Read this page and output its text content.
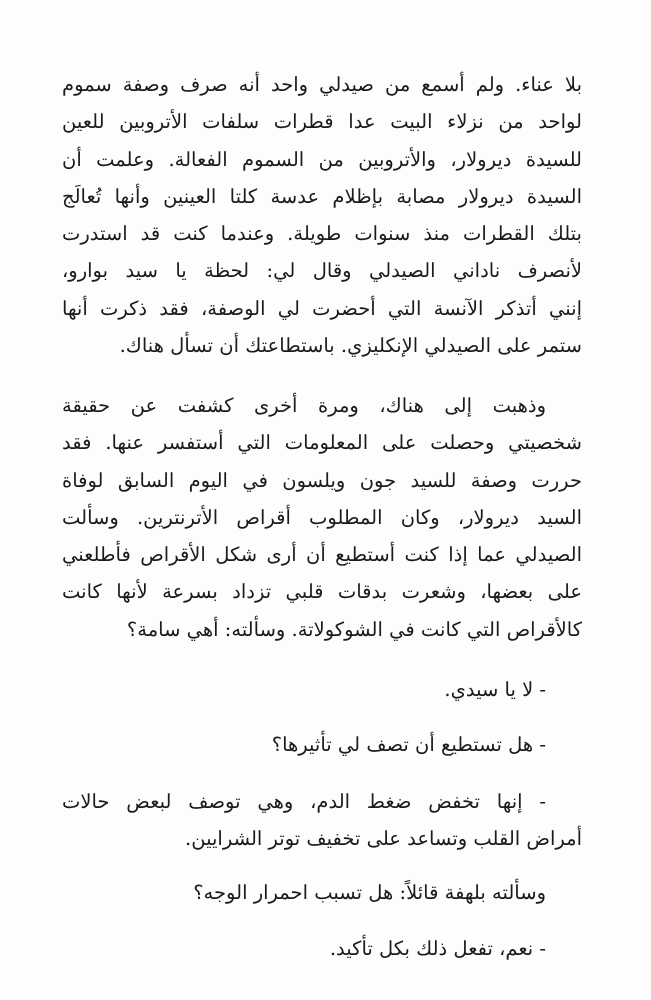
بلا عناء. ولم أسمع من صيدلي واحد أنه صرف وصفة سموم
لواحد من نزلاء البيت عدا قطرات سلفات الأتروبين للعين
للسيدة ديرولار، والأتروبين من السموم الفعالة. وعلمت أن
السيدة ديرولار مصابة بإظلام عدسة كلتا العينين وأنها تُعالَج
بتلك القطرات منذ سنوات طويلة. وعندما كنت قد استدرت
لأنصرف ناداني الصيدلي وقال لي: لحظة يا سيد بوارو،
إنني أتذكر الآنسة التي أحضرت لي الوصفة، فقد ذكرت أنها
ستمر على الصيدلي الإنكليزي. باستطاعتك أن تسأل هناك.
وذهبت إلى هناك، ومرة أخرى كشفت عن حقيقة
شخصيتي وحصلت على المعلومات التي أستفسر عنها. فقد
حررت وصفة للسيد جون ويلسون في اليوم السابق لوفاة
السيد ديرولار، وكان المطلوب أقراص الأترنترين. وسألت
الصيدلي عما إذا كنت أستطيع أن أرى شكل الأقراص فأطلعني
على بعضها، وشعرت بدقات قلبي تزداد بسرعة لأنها كانت
كالأقراص التي كانت في الشوكولاتة. وسألته: أهي سامة؟
- لا يا سيدي.
- هل تستطيع أن تصف لي تأثيرها؟
- إنها تخفض ضغط الدم، وهي توصف لبعض حالات
أمراض القلب وتساعد على تخفيف توتر الشرايين.
وسألته بلهفة قائلاً: هل تسبب احمرار الوجه؟
- نعم، تفعل ذلك بكل تأكيد.
